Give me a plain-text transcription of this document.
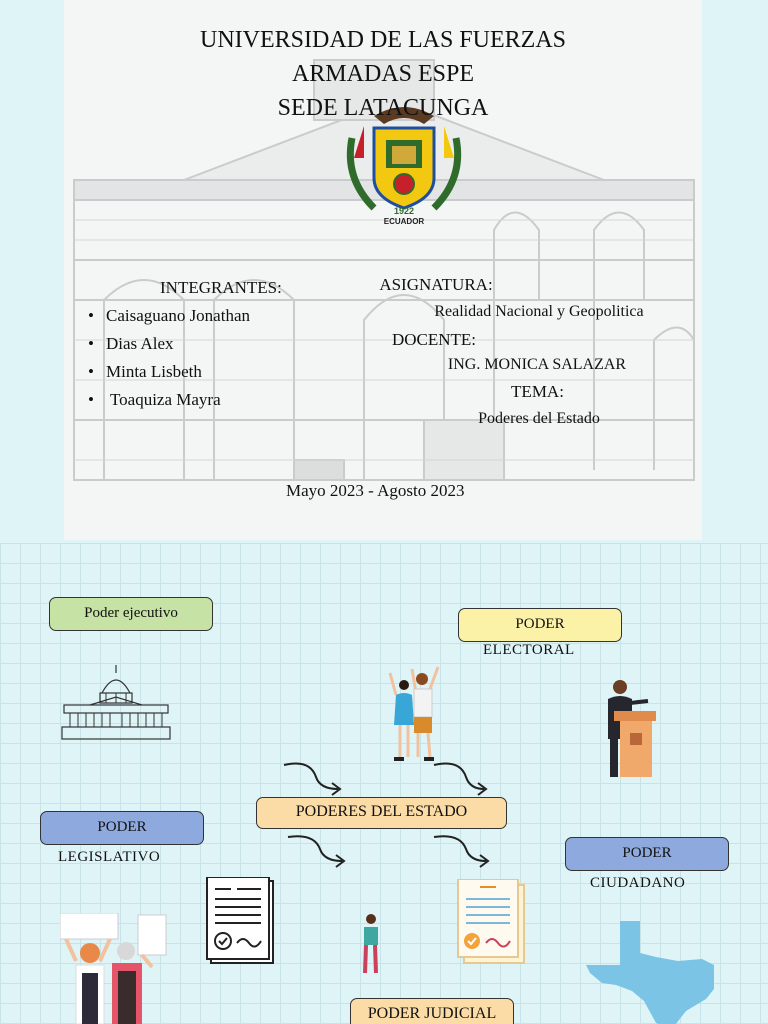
1922
ECUADOR
UNIVERSIDAD DE LAS FUERZAS
ARMADAS ESPE
SEDE LATACUNGA
INTEGRANTES:
• Caisaguano Jonathan
• Dias Alex
• Minta Lisbeth
• Toaquiza Mayra
ASIGNATURA:
Realidad Nacional y Geopolitica
DOCENTE:
ING. MONICA SALAZAR
TEMA:
Poderes del Estado
Mayo 2023 - Agosto 2023
Poder ejecutivo
PODER
ELECTORAL
PODERES DEL ESTADO
PODER
LEGISLATIVO	PODER
CIUDADANO
PODER JUDICIAL
